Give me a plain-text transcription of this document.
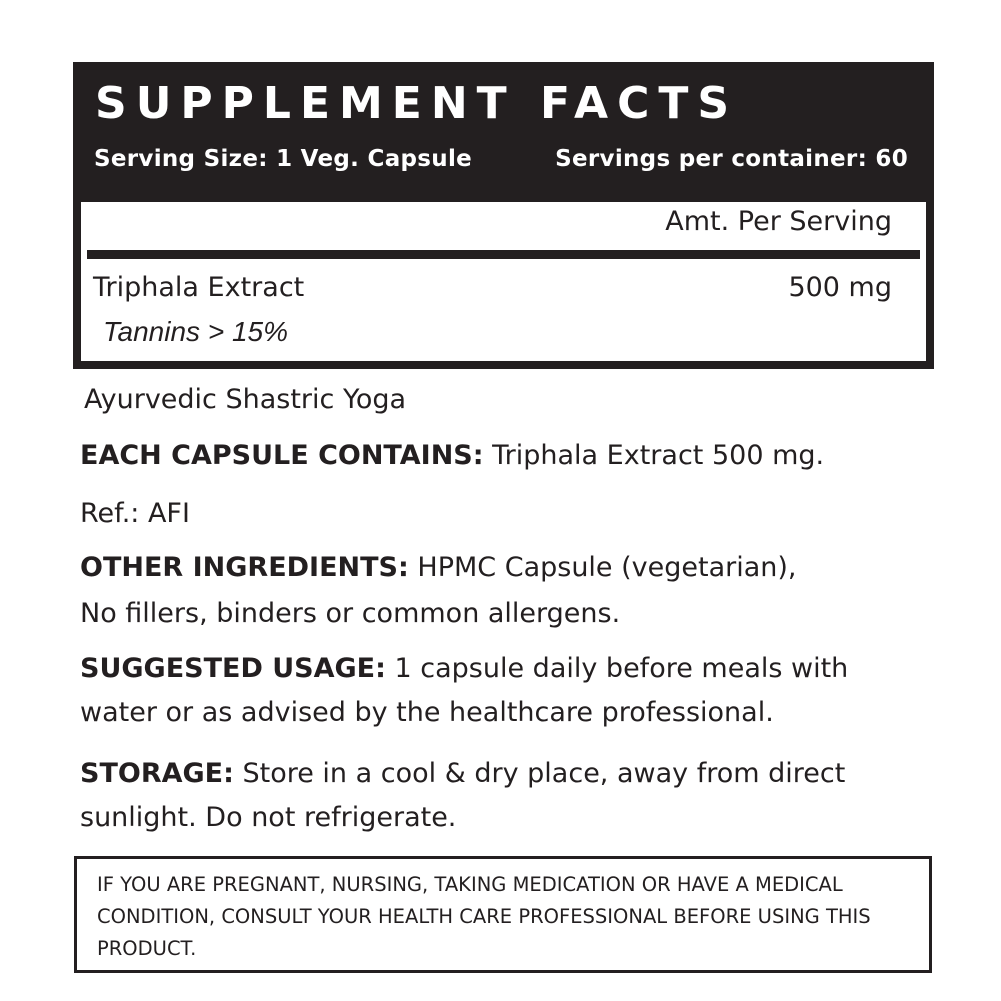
SUPPLEMENT FACTS
Serving Size: 1 Veg. Capsule	Servings per container: 60
Amt. Per Serving
Triphala Extract	500 mg
Tannins > 15%
Ayurvedic Shastric Yoga
EACH CAPSULE CONTAINS: Triphala Extract 500 mg.
Ref.: AFI
OTHER INGREDIENTS: HPMC Capsule (vegetarian),
No fillers, binders or common allergens.
SUGGESTED USAGE: 1 capsule daily before meals with
water or as advised by the healthcare professional.
STORAGE: Store in a cool & dry place, away from direct
sunlight. Do not refrigerate.

IF YOU ARE PREGNANT, NURSING, TAKING MEDICATION OR HAVE A MEDICAL CONDITION, CONSULT YOUR HEALTH CARE PROFESSIONAL BEFORE USING THIS PRODUCT.
